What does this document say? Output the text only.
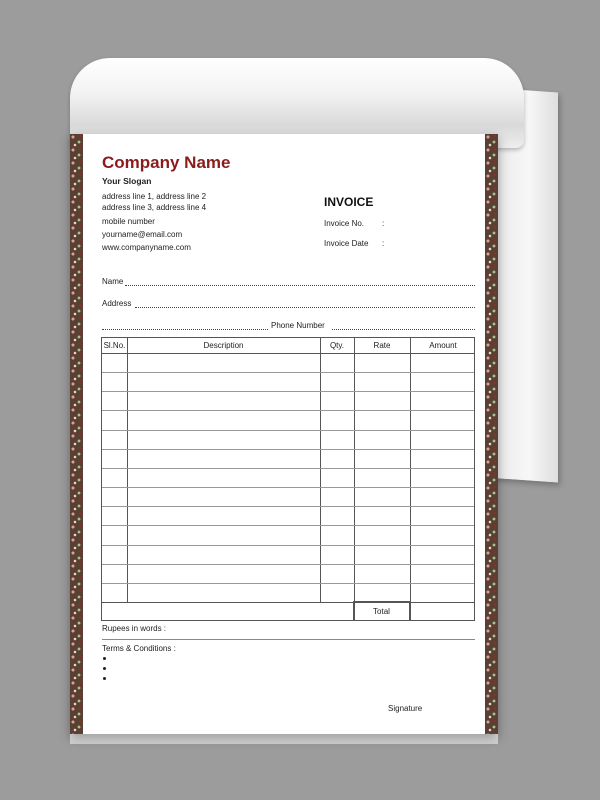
Company Name
Your Slogan
address line 1, address line 2
address line 3, address line 4
mobile number
yourname@email.com
www.companyname.com
INVOICE
Invoice No. :
Invoice Date :
Name
Address
Phone Number
Sl.No.	Description	Qty.	Rate	Amount
Total
Rupees in words :
Terms & Conditions :
Signature
